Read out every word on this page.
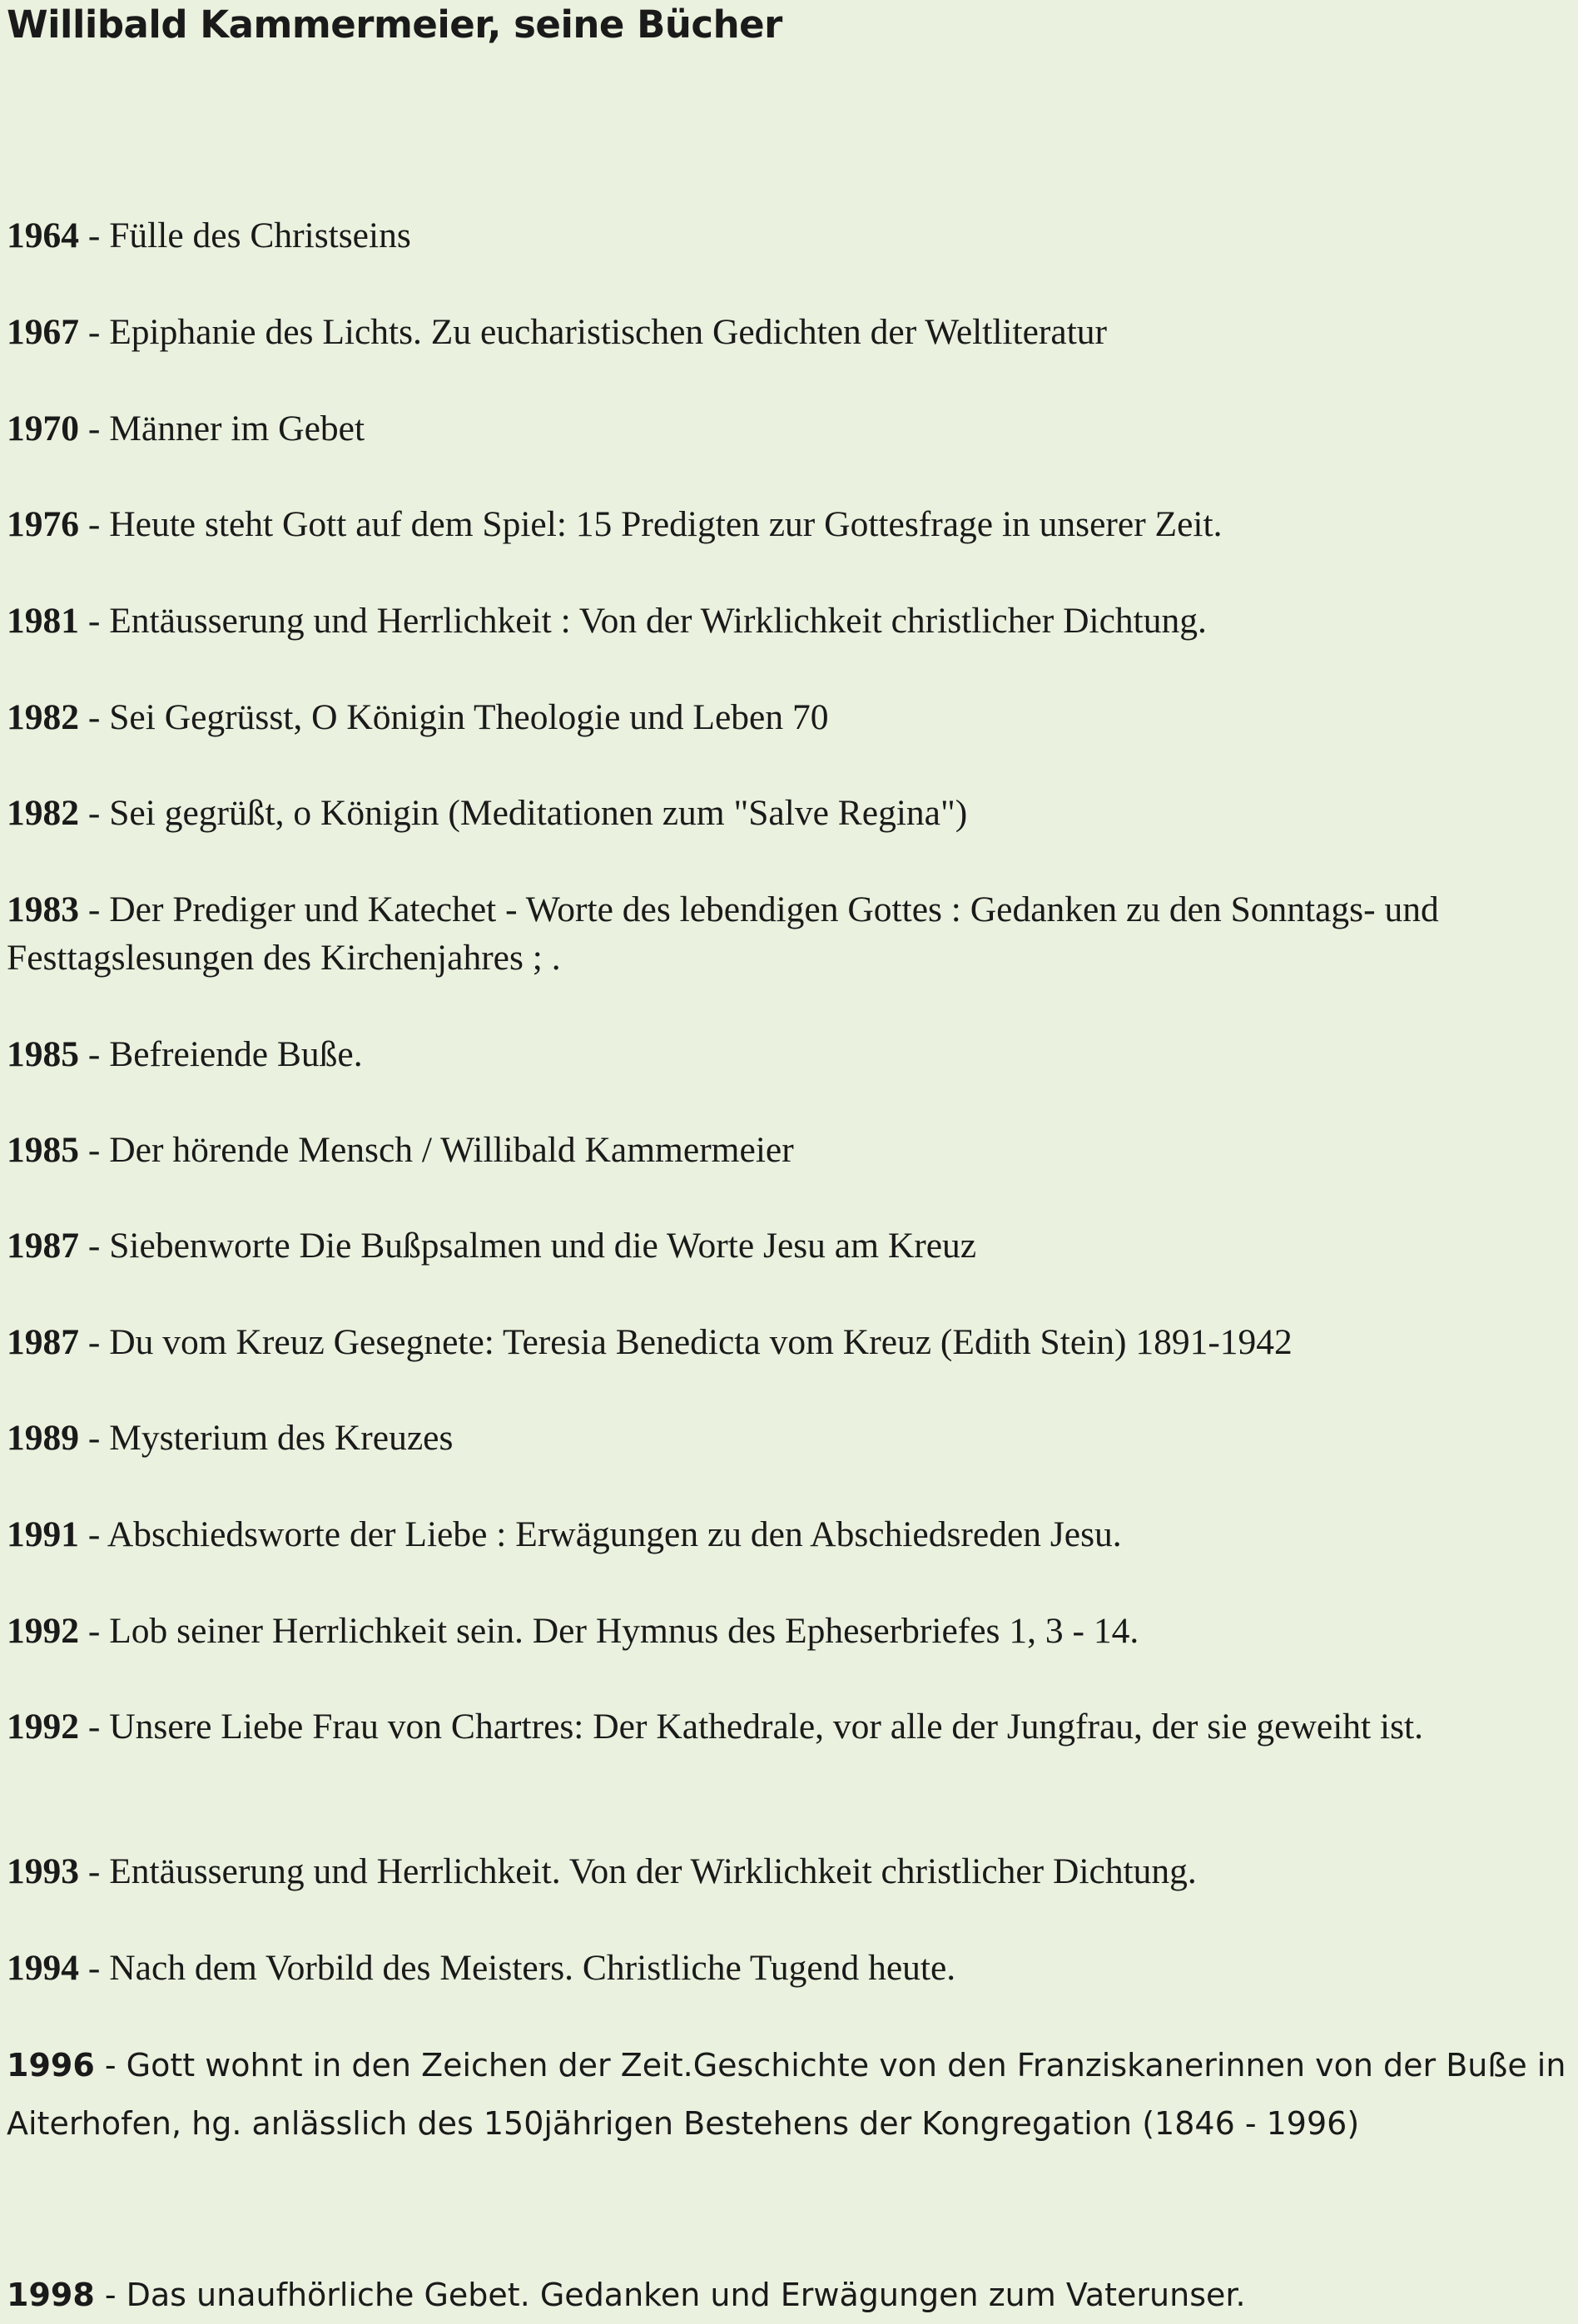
Willibald Kammermeier, seine Bücher

1964 - Fülle des Christseins

1967 - Epiphanie des Lichts. Zu eucharistischen Gedichten der Weltliteratur

1970 - Männer im Gebet

1976 - Heute steht Gott auf dem Spiel: 15 Predigten zur Gottesfrage in unserer Zeit.

1981 - Entäusserung und Herrlichkeit : Von der Wirklichkeit christlicher Dichtung.

1982 - Sei Gegrüsst, O Königin Theologie und Leben 70

1982 - Sei gegrüßt, o Königin (Meditationen zum "Salve Regina")

1983 - Der Prediger und Katechet - Worte des lebendigen Gottes : Gedanken zu den Sonntags- und Festtagslesungen des Kirchenjahres ; .

1985 - Befreiende Buße.

1985 - Der hörende Mensch / Willibald Kammermeier

1987 - Siebenworte Die Bußpsalmen und die Worte Jesu am Kreuz

1987 - Du vom Kreuz Gesegnete: Teresia Benedicta vom Kreuz (Edith Stein) 1891-1942

1989 - Mysterium des Kreuzes

1991 - Abschiedsworte der Liebe : Erwägungen zu den Abschiedsreden Jesu.

1992 - Lob seiner Herrlichkeit sein. Der Hymnus des Epheserbriefes 1, 3 - 14.

1992 - Unsere Liebe Frau von Chartres: Der Kathedrale, vor alle der Jungfrau, der sie geweiht ist.

1993 - Entäusserung und Herrlichkeit. Von der Wirklichkeit christlicher Dichtung.

1994 - Nach dem Vorbild des Meisters. Christliche Tugend heute.

1996 - Gott wohnt in den Zeichen der Zeit.Geschichte von den Franziskanerinnen von der Buße in Aiterhofen, hg. anlässlich des 150jährigen Bestehens der Kongregation (1846 - 1996)

1998 - Das unaufhörliche Gebet. Gedanken und Erwägungen zum Vaterunser.
